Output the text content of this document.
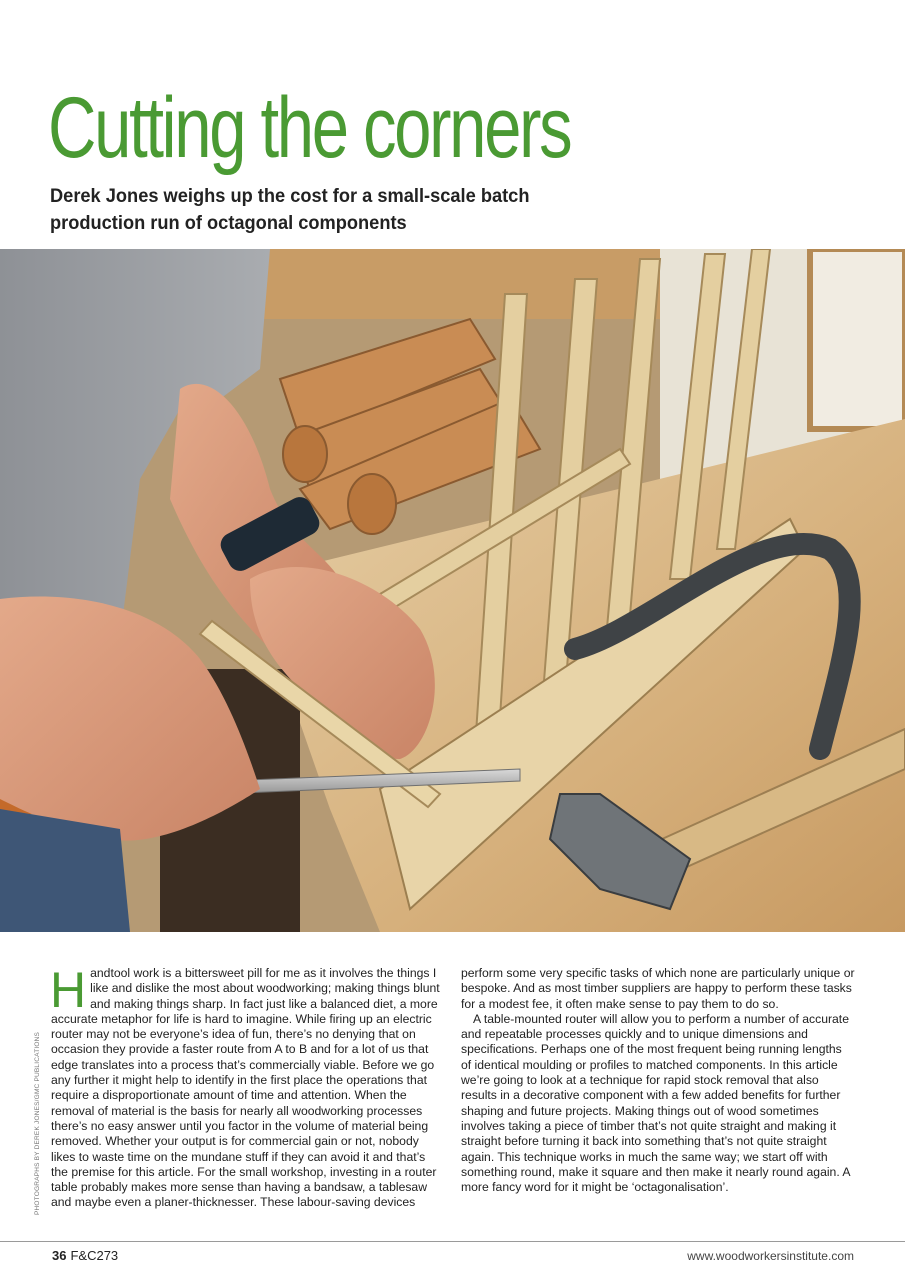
Cutting the corners
Derek Jones weighs up the cost for a small-scale batch production run of octagonal components
PHOTOGRAPHS BY DEREK JONES/GMC PUBLICATIONS

Handtool work is a bittersweet pill for me as it involves the things I like and dislike the most about woodworking; making things blunt and making things sharp. In fact just like a balanced diet, a more accurate metaphor for life is hard to imagine. While firing up an electric router may not be everyone’s idea of fun, there’s no denying that on occasion they provide a faster route from A to B and for a lot of us that edge translates into a process that’s commercially viable. Before we go any further it might help to identify in the first place the operations that require a disproportionate amount of time and attention. When the removal of material is the basis for nearly all woodworking processes there’s no easy answer until you factor in the volume of material being removed. Whether your output is for commercial gain or not, nobody likes to waste time on the mundane stuff if they can avoid it and that’s the premise for this article. For the small workshop, investing in a router table probably makes more sense than having a bandsaw, a tablesaw and maybe even a planer-thicknesser. These labour-saving devices perform some very specific tasks of which none are particularly unique or bespoke. And as most timber suppliers are happy to perform these tasks for a modest fee, it often make sense to pay them to do so.

A table-mounted router will allow you to perform a number of accurate and repeatable processes quickly and to unique dimensions and specifications. Perhaps one of the most frequent being running lengths of identical moulding or profiles to matched components. In this article we’re going to look at a technique for rapid stock removal that also results in a decorative component with a few added benefits for further shaping and future projects. Making things out of wood sometimes involves taking a piece of timber that’s not quite straight and making it straight before turning it back into something that’s not quite straight again. This technique works in much the same way; we start off with something round, make it square and then make it nearly round again. A more fancy word for it might be ‘octagonalisation’.

36 F&C273	www.woodworkersinstitute.com
